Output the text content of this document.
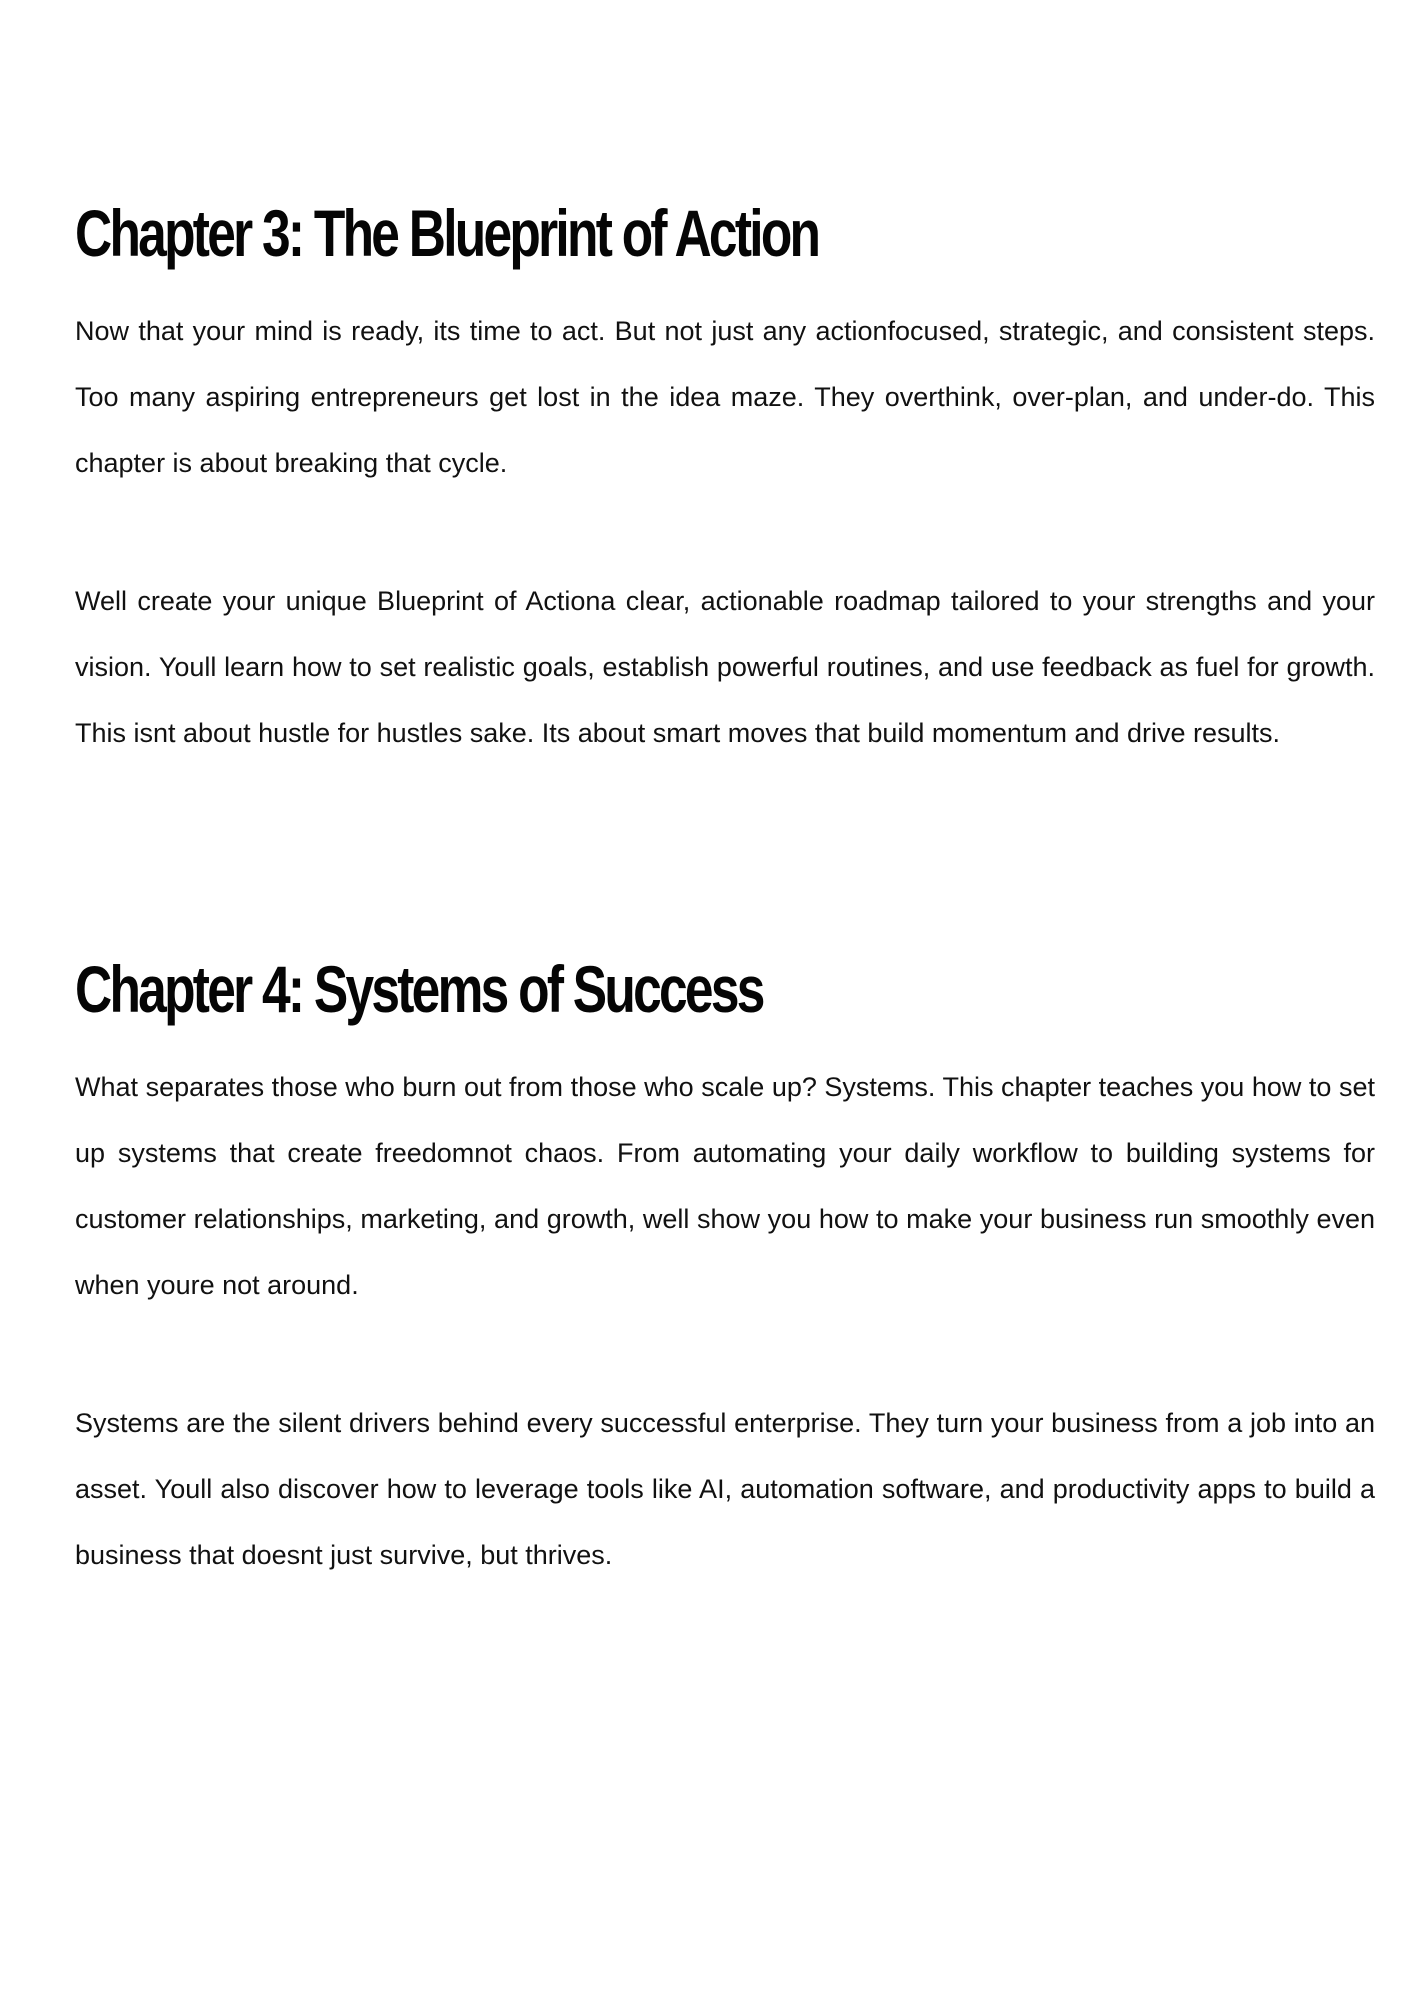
Chapter 3: The Blueprint of Action

Now that your mind is ready, its time to act. But not just any actionfocused, strategic, and consistent steps. Too many aspiring entrepreneurs get lost in the idea maze. They overthink, over-plan, and under-do. This chapter is about breaking that cycle.

Well create your unique Blueprint of Actiona clear, actionable roadmap tailored to your strengths and your vision. Youll learn how to set realistic goals, establish powerful routines, and use feedback as fuel for growth. This isnt about hustle for hustles sake. Its about smart moves that build momentum and drive results.

Chapter 4: Systems of Success

What separates those who burn out from those who scale up? Systems. This chapter teaches you how to set up systems that create freedomnot chaos. From automating your daily workflow to building systems for customer relationships, marketing, and growth, well show you how to make your business run smoothly even when youre not around.

Systems are the silent drivers behind every successful enterprise. They turn your business from a job into an asset. Youll also discover how to leverage tools like AI, automation software, and productivity apps to build a business that doesnt just survive, but thrives.
